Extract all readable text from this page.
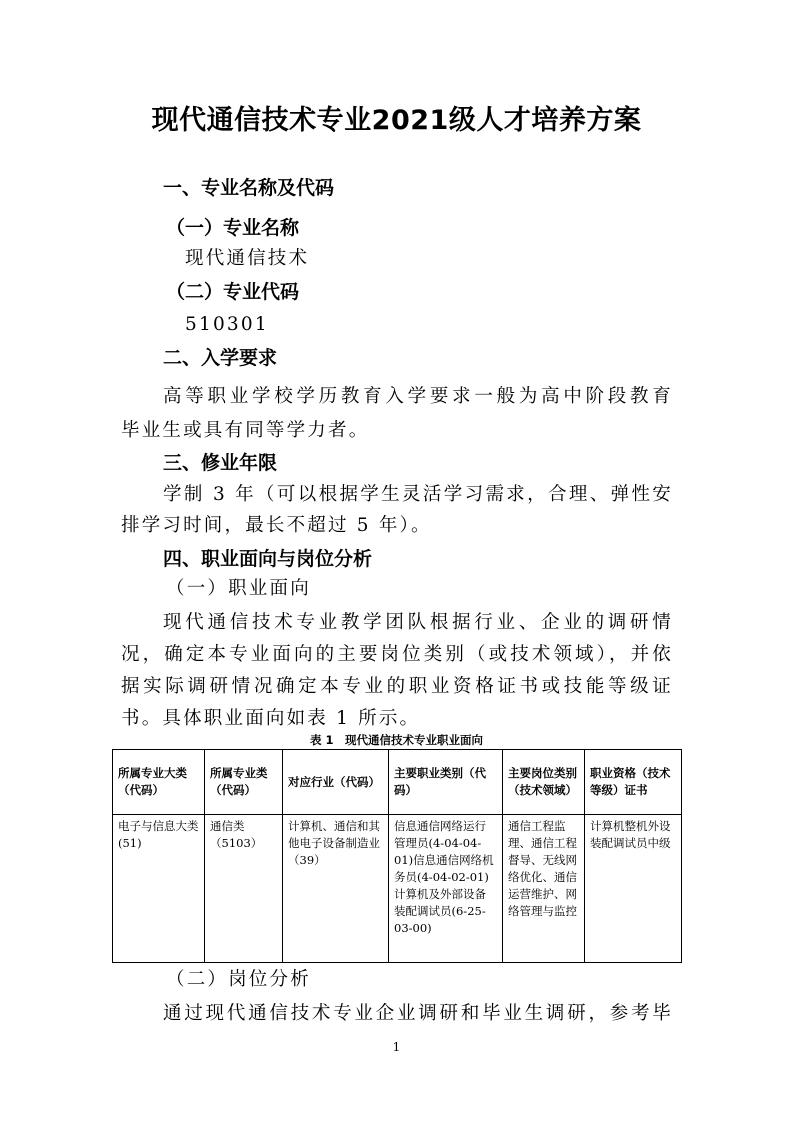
现代通信技术专业2021级人才培养方案
一、专业名称及代码
（一）专业名称
现代通信技术
（二）专业代码
510301
二、入学要求
高等职业学校学历教育入学要求一般为高中阶段教育
毕业生或具有同等学力者。
三、修业年限
学制 3 年（可以根据学生灵活学习需求，合理、弹性安
排学习时间，最长不超过 5 年）。
四、职业面向与岗位分析
（一）职业面向
现代通信技术专业教学团队根据行业、企业的调研情
况，确定本专业面向的主要岗位类别（或技术领域），并依
据实际调研情况确定本专业的职业资格证书或技能等级证
书。具体职业面向如表 1 所示。
表 1　现代通信技术专业职业面向
所属专业大类（代码）	所属专业类（代码）	对应行业（代码）	主要职业类别（代码）	主要岗位类别（技术领域）	职业资格（技术等级）证书
电子与信息大类(51)	通信类（5103）	计算机、通信和其他电子设备制造业（39）	信息通信网络运行管理员(4-04-04-01)信息通信网络机务员(4-04-02-01)计算机及外部设备装配调试员(6-25-03-00)	通信工程监理、通信工程督导、无线网络优化、通信运营维护、网络管理与监控	计算机整机外设装配调试员中级
（二）岗位分析
通过现代通信技术专业企业调研和毕业生调研，参考毕
1
